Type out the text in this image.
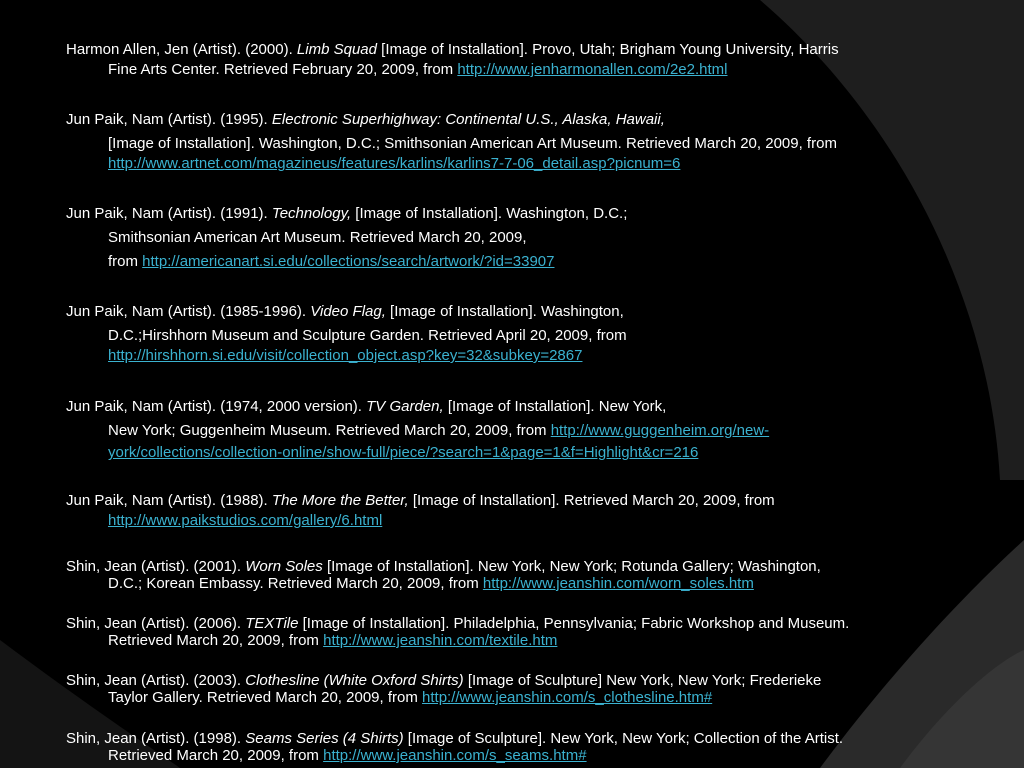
Harmon Allen, Jen (Artist). (2000). Limb Squad [Image of Installation]. Provo, Utah; Brigham Young University, Harris
Fine Arts Center. Retrieved February 20, 2009, from http://www.jenharmonallen.com/2e2.html
Jun Paik, Nam (Artist). (1995). Electronic Superhighway: Continental U.S., Alaska, Hawaii,
[Image of Installation]. Washington, D.C.; Smithsonian American Art Museum. Retrieved March 20, 2009, from
http://www.artnet.com/magazineus/features/karlins/karlins7-7-06_detail.asp?picnum=6
Jun Paik, Nam (Artist). (1991). Technology, [Image of Installation]. Washington, D.C.;
Smithsonian American Art Museum. Retrieved March 20, 2009,
from http://americanart.si.edu/collections/search/artwork/?id=33907
Jun Paik, Nam (Artist). (1985-1996). Video Flag, [Image of Installation]. Washington,
D.C.;Hirshhorn Museum and Sculpture Garden. Retrieved April 20, 2009, from
http://hirshhorn.si.edu/visit/collection_object.asp?key=32&subkey=2867
Jun Paik, Nam (Artist). (1974, 2000 version). TV Garden, [Image of Installation]. New York,
New York; Guggenheim Museum. Retrieved March 20, 2009, from http://www.guggenheim.org/new-
york/collections/collection-online/show-full/piece/?search=1&page=1&f=Highlight&cr=216
Jun Paik, Nam (Artist). (1988). The More the Better, [Image of Installation]. Retrieved March 20, 2009, from
http://www.paikstudios.com/gallery/6.html
Shin, Jean (Artist). (2001). Worn Soles [Image of Installation]. New York, New York; Rotunda Gallery; Washington,
D.C.; Korean Embassy. Retrieved March 20, 2009, from http://www.jeanshin.com/worn_soles.htm
Shin, Jean (Artist). (2006). TEXTile [Image of Installation]. Philadelphia, Pennsylvania; Fabric Workshop and Museum.
Retrieved March 20, 2009, from http://www.jeanshin.com/textile.htm
Shin, Jean (Artist). (2003). Clothesline (White Oxford Shirts) [Image of Sculpture] New York, New York; Frederieke
Taylor Gallery. Retrieved March 20, 2009, from http://www.jeanshin.com/s_clothesline.htm#
Shin, Jean (Artist). (1998). Seams Series (4 Shirts) [Image of Sculpture]. New York, New York; Collection of the Artist.
Retrieved March 20, 2009, from http://www.jeanshin.com/s_seams.htm#
